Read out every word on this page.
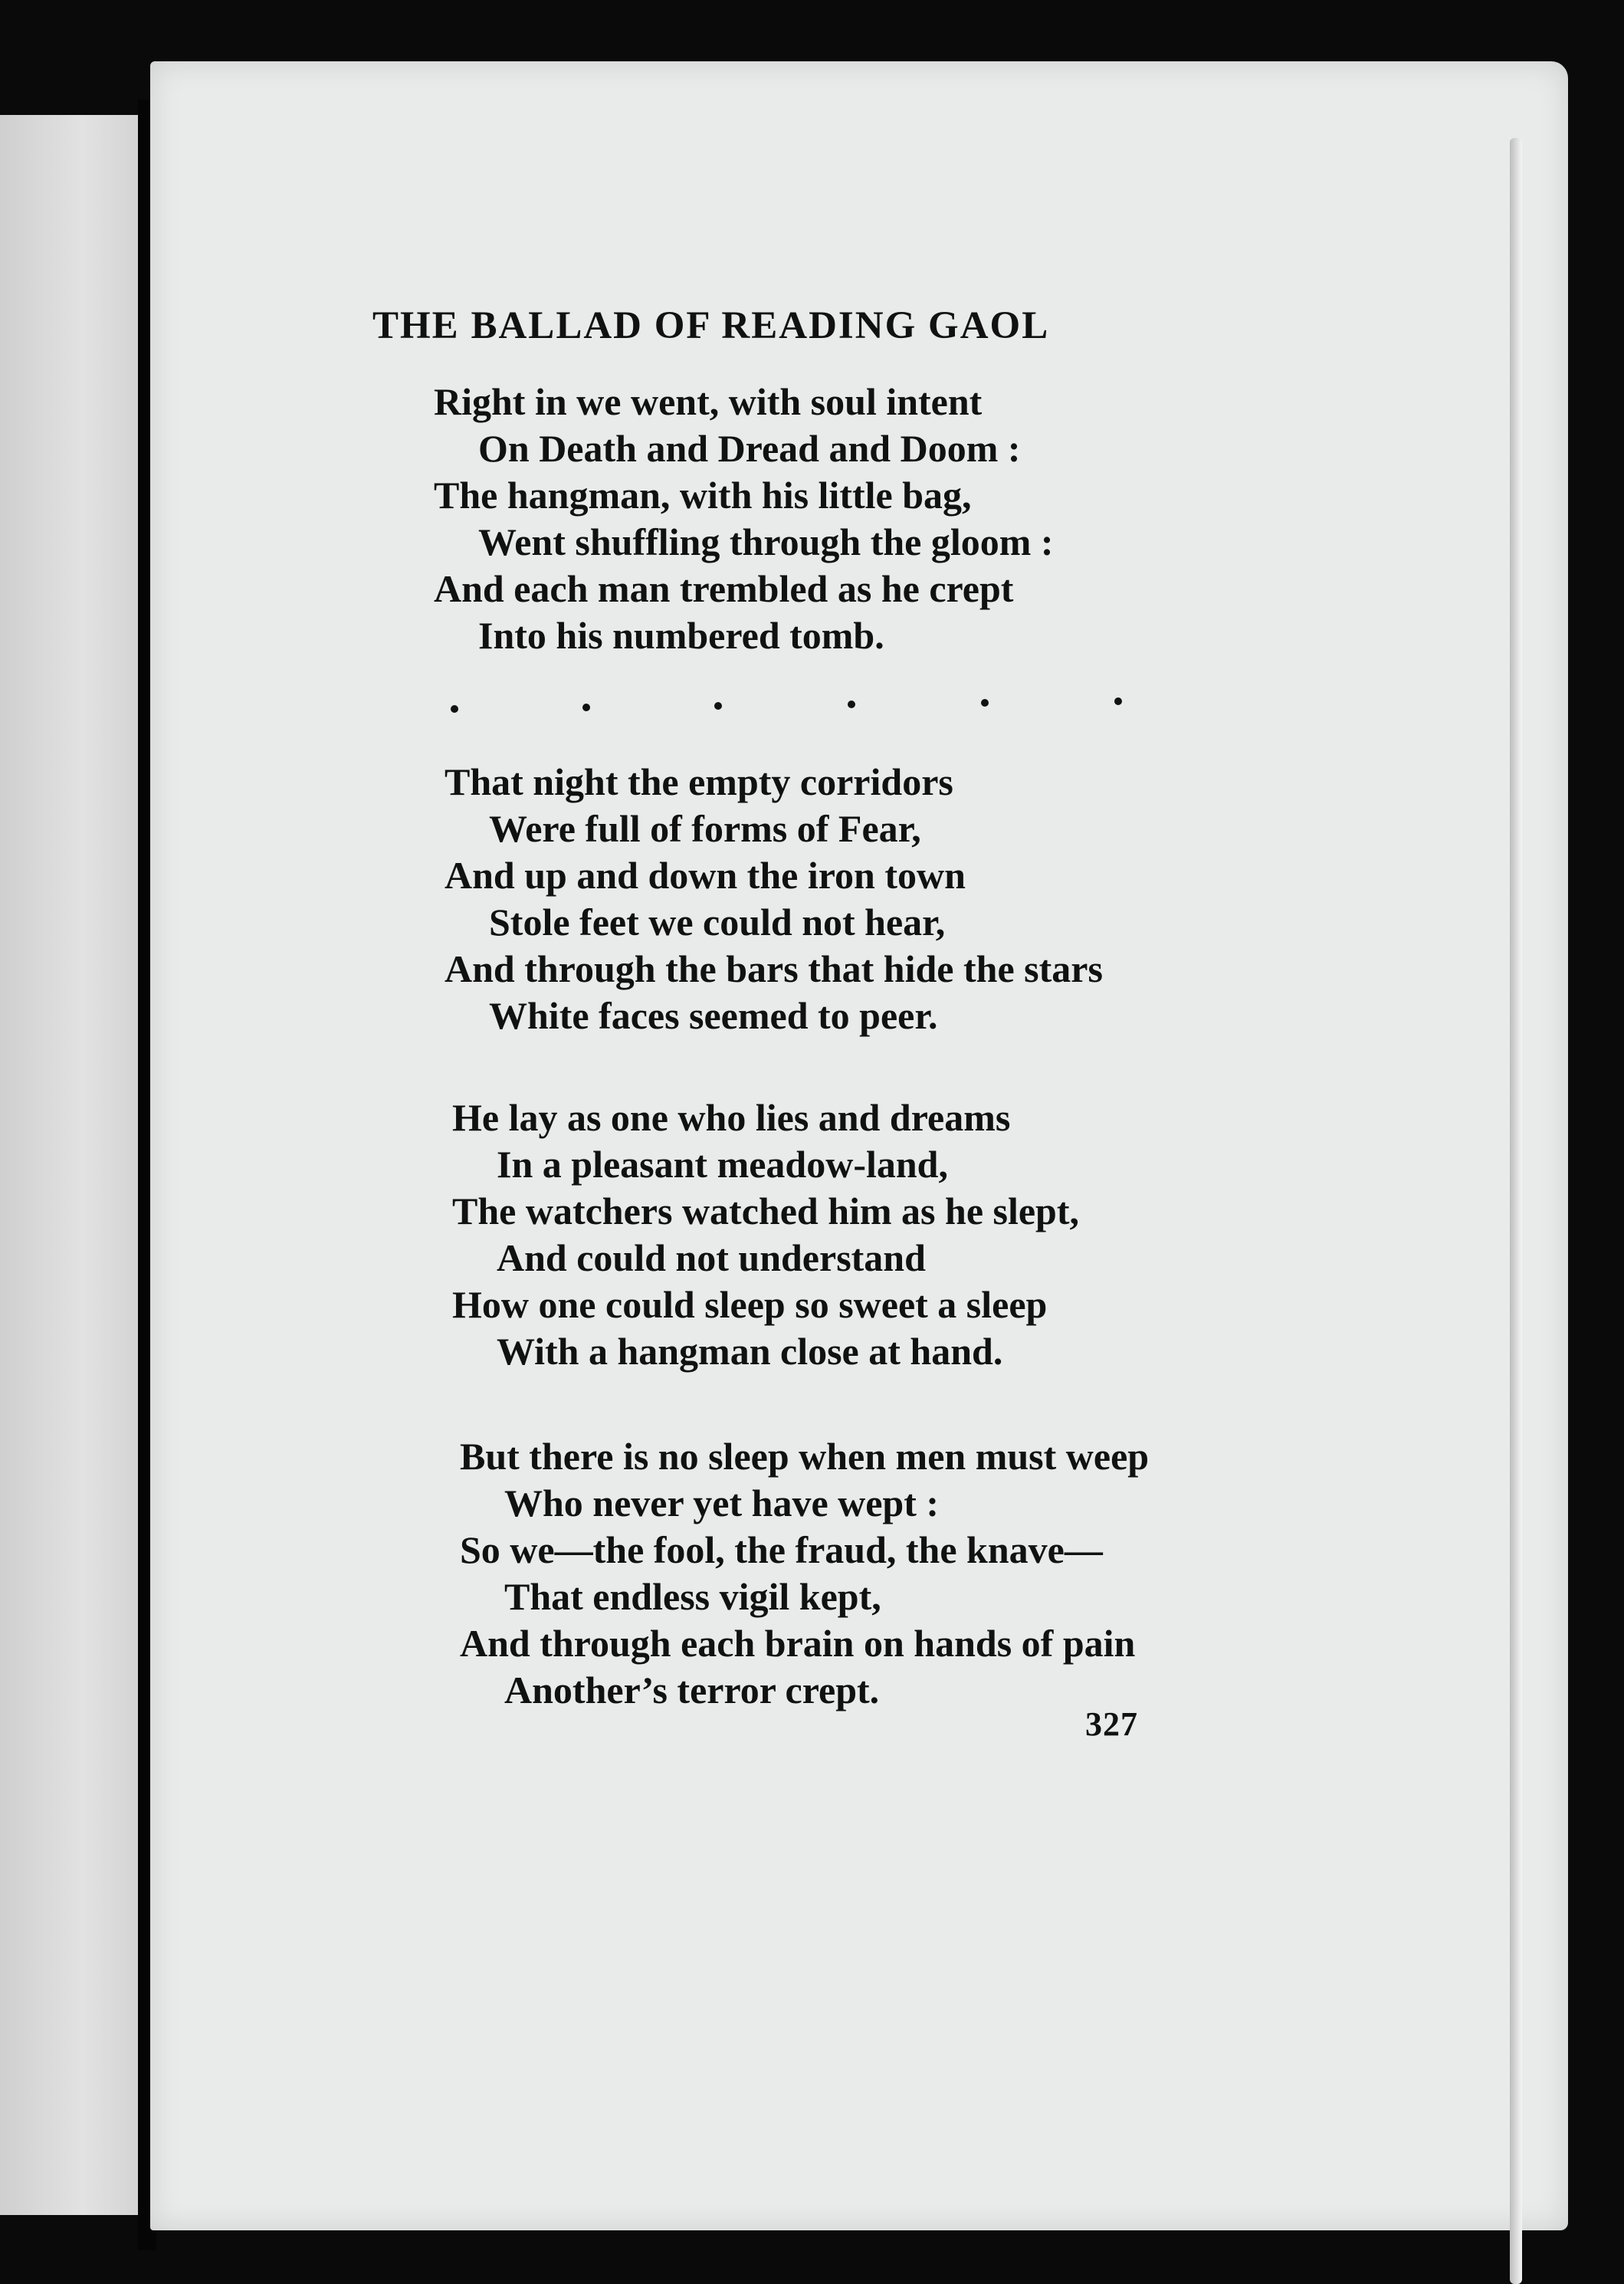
THE BALLAD OF READING GAOL
Right in we went, with soul intent
On Death and Dread and Doom :
The hangman, with his little bag,
Went shuffling through the gloom :
And each man trembled as he crept
Into his numbered tomb.
That night the empty corridors
Were full of forms of Fear,
And up and down the iron town
Stole feet we could not hear,
And through the bars that hide the stars
White faces seemed to peer.
He lay as one who lies and dreams
In a pleasant meadow-land,
The watchers watched him as he slept,
And could not understand
How one could sleep so sweet a sleep
With a hangman close at hand.
But there is no sleep when men must weep
Who never yet have wept :
So we—the fool, the fraud, the knave—
That endless vigil kept,
And through each brain on hands of pain
Another’s terror crept.
327
